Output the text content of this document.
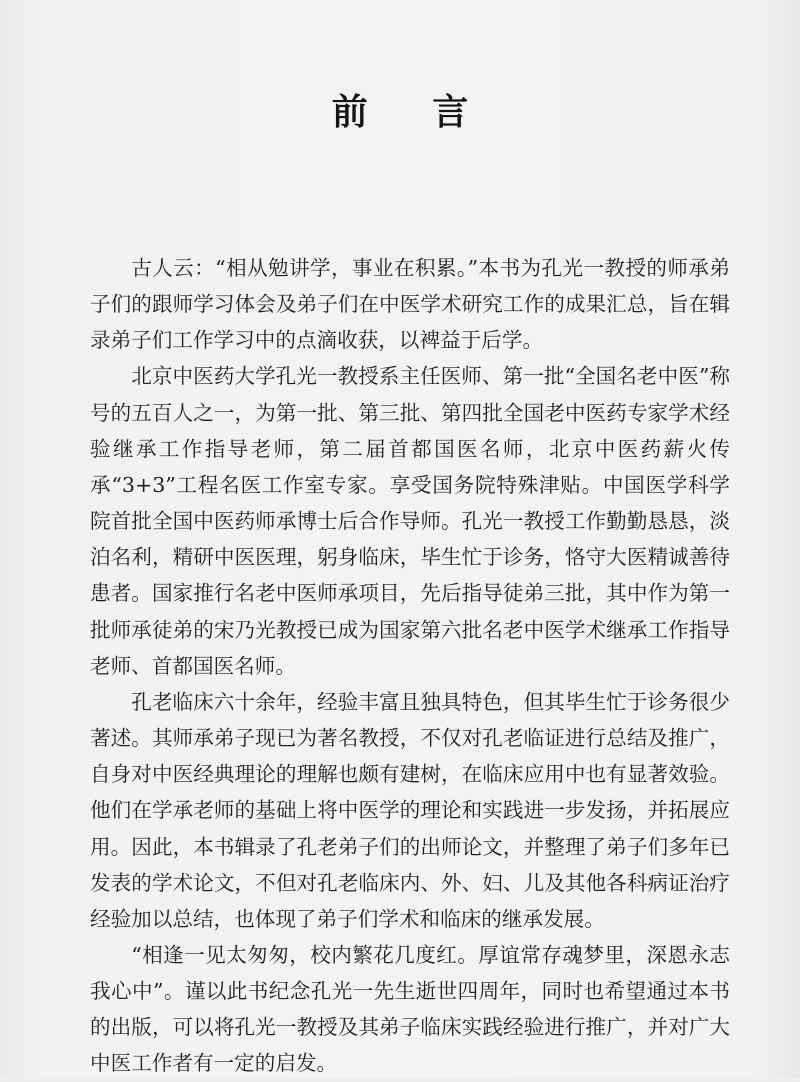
前 言

古人云：“相从勉讲学，事业在积累。”本书为孔光一教授的师承弟子们的跟师学习体会及弟子们在中医学术研究工作的成果汇总，旨在辑录弟子们工作学习中的点滴收获，以裨益于后学。

北京中医药大学孔光一教授系主任医师、第一批“全国名老中医”称号的五百人之一，为第一批、第三批、第四批全国老中医药专家学术经验继承工作指导老师，第二届首都国医名师，北京中医药薪火传承“3+3”工程名医工作室专家。享受国务院特殊津贴。中国医学科学院首批全国中医药师承博士后合作导师。孔光一教授工作勤勤恳恳，淡泊名利，精研中医医理，躬身临床，毕生忙于诊务，恪守大医精诚善待患者。国家推行名老中医师承项目，先后指导徒弟三批，其中作为第一批师承徒弟的宋乃光教授已成为国家第六批名老中医学术继承工作指导老师、首都国医名师。

孔老临床六十余年，经验丰富且独具特色，但其毕生忙于诊务很少著述。其师承弟子现已为著名教授，不仅对孔老临证进行总结及推广，自身对中医经典理论的理解也颇有建树，在临床应用中也有显著效验。他们在学承老师的基础上将中医学的理论和实践进一步发扬，并拓展应用。因此，本书辑录了孔老弟子们的出师论文，并整理了弟子们多年已发表的学术论文，不但对孔老临床内、外、妇、儿及其他各科病证治疗经验加以总结，也体现了弟子们学术和临床的继承发展。

“相逢一见太匆匆，校内繁花几度红。厚谊常存魂梦里，深恩永志我心中”。谨以此书纪念孔光一先生逝世四周年，同时也希望通过本书的出版，可以将孔光一教授及其弟子临床实践经验进行推广，并对广大中医工作者有一定的启发。
